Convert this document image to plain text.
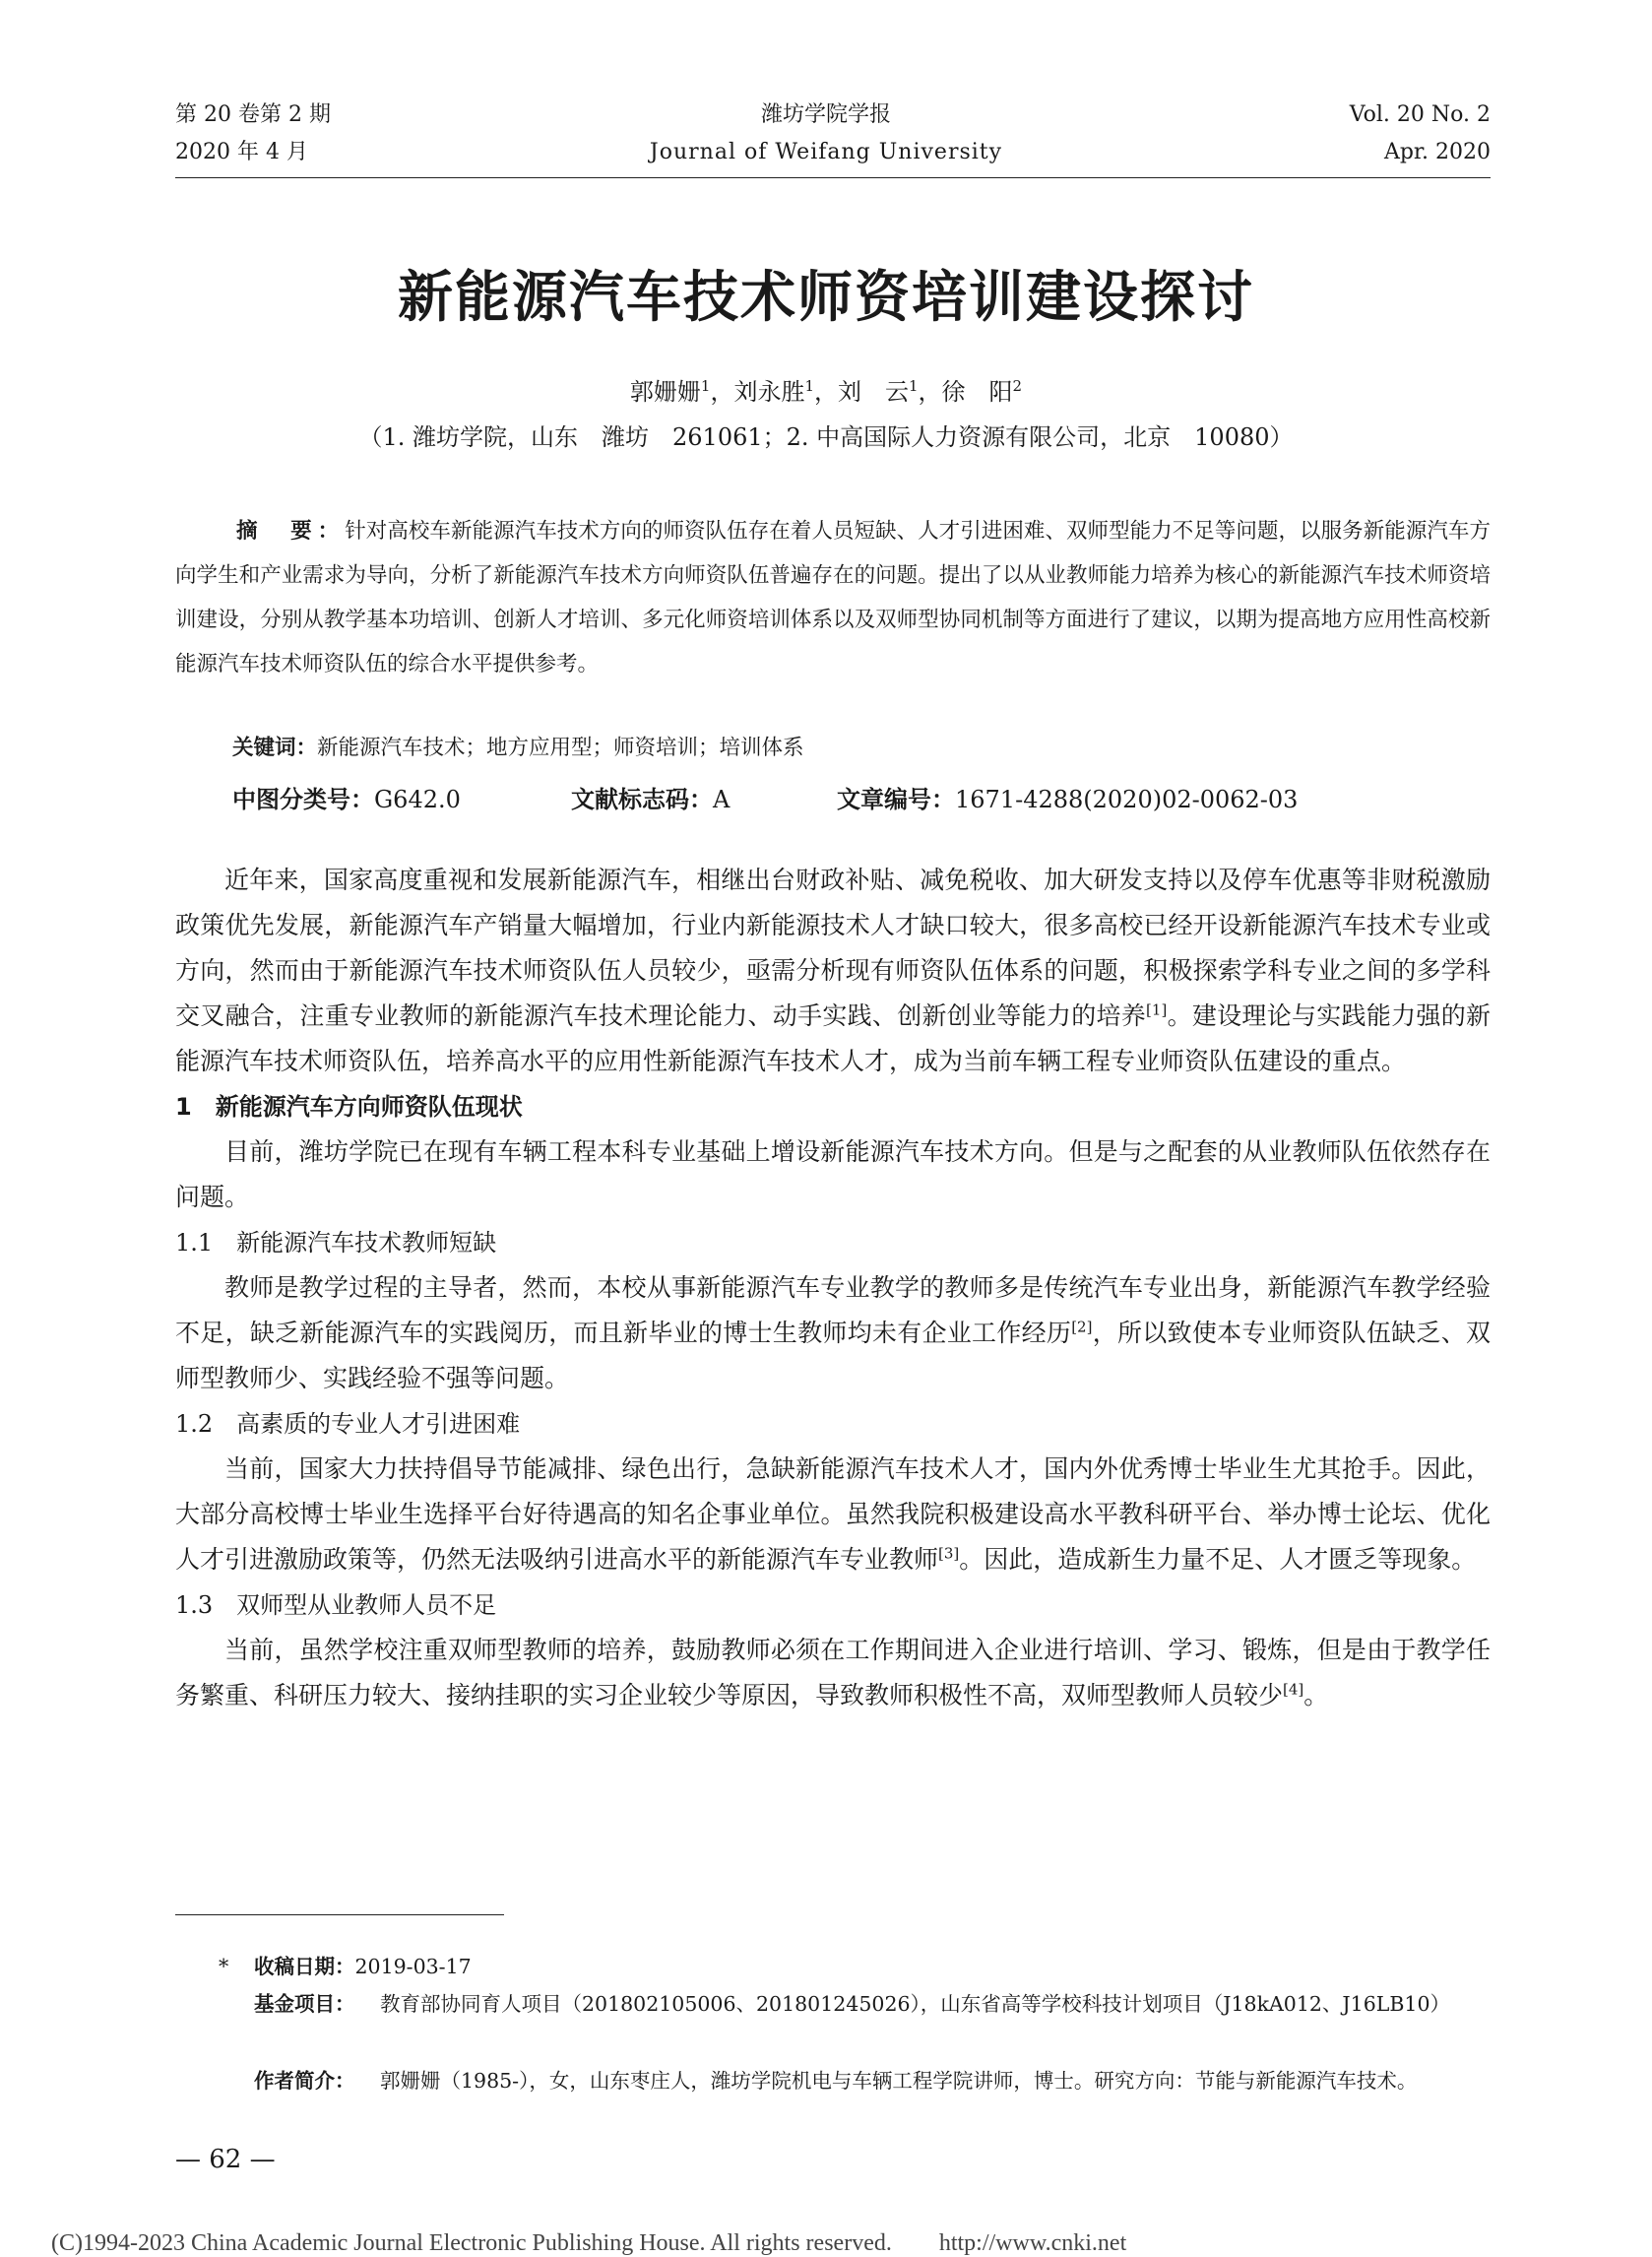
第 20 卷第 2 期
2020 年 4 月
潍坊学院学报
Journal of Weifang University
Vol. 20 No. 2
Apr. 2020
新能源汽车技术师资培训建设探讨
郭姗姗$^1$，刘永胜$^1$，刘　云$^1$，徐　阳$^2$
（1. 潍坊学院，山东　潍坊　261061；2. 中高国际人力资源有限公司，北京　10080）
摘　要：针对高校车新能源汽车技术方向的师资队伍存在着人员短缺、人才引进困难、双师型能力不足等问题，以服务新能源汽车方向学生和产业需求为导向，分析了新能源汽车技术方向师资队伍普遍存在的问题。提出了以从业教师能力培养为核心的新能源汽车技术师资培训建设，分别从教学基本功培训、创新人才培训、多元化师资培训体系以及双师型协同机制等方面进行了建议，以期为提高地方应用性高校新能源汽车技术师资队伍的综合水平提供参考。
关键词：新能源汽车技术；地方应用型；师资培训；培训体系
中图分类号：G642.0	文献标志码：A	文章编号：1671-4288(2020)02-0062-03

近年来，国家高度重视和发展新能源汽车，相继出台财政补贴、减免税收、加大研发支持以及停车优惠等非财税激励政策优先发展，新能源汽车产销量大幅增加，行业内新能源技术人才缺口较大，很多高校已经开设新能源汽车技术专业或方向，然而由于新能源汽车技术师资队伍人员较少，亟需分析现有师资队伍体系的问题，积极探索学科专业之间的多学科交叉融合，注重专业教师的新能源汽车技术理论能力、动手实践、创新创业等能力的培养[1]。建设理论与实践能力强的新能源汽车技术师资队伍，培养高水平的应用性新能源汽车技术人才，成为当前车辆工程专业师资队伍建设的重点。

1　新能源汽车方向师资队伍现状

目前，潍坊学院已在现有车辆工程本科专业基础上增设新能源汽车技术方向。但是与之配套的从业教师队伍依然存在问题。

1.1　新能源汽车技术教师短缺

教师是教学过程的主导者，然而，本校从事新能源汽车专业教学的教师多是传统汽车专业出身，新能源汽车教学经验不足，缺乏新能源汽车的实践阅历，而且新毕业的博士生教师均未有企业工作经历[2]，所以致使本专业师资队伍缺乏、双师型教师少、实践经验不强等问题。

1.2　高素质的专业人才引进困难

当前，国家大力扶持倡导节能减排、绿色出行，急缺新能源汽车技术人才，国内外优秀博士毕业生尤其抢手。因此，大部分高校博士毕业生选择平台好待遇高的知名企事业单位。虽然我院积极建设高水平教科研平台、举办博士论坛、优化人才引进激励政策等，仍然无法吸纳引进高水平的新能源汽车专业教师[3]。因此，造成新生力量不足、人才匮乏等现象。

1.3　双师型从业教师人员不足

当前，虽然学校注重双师型教师的培养，鼓励教师必须在工作期间进入企业进行培训、学习、锻炼，但是由于教学任务繁重、科研压力较大、接纳挂职的实习企业较少等原因，导致教师积极性不高，双师型教师人员较少[4]。

* 收稿日期：2019-03-17
基金项目： 教育部协同育人项目（201802105006、201801245026），山东省高等学校科技计划项目（J18kA012、J16LB10）
作者简介： 郭姗姗（1985-），女，山东枣庄人，潍坊学院机电与车辆工程学院讲师，博士。研究方向：节能与新能源汽车技术。
— 62 —
(C)1994-2023 China Academic Journal Electronic Publishing House. All rights reserved.　　http://www.cnki.net
